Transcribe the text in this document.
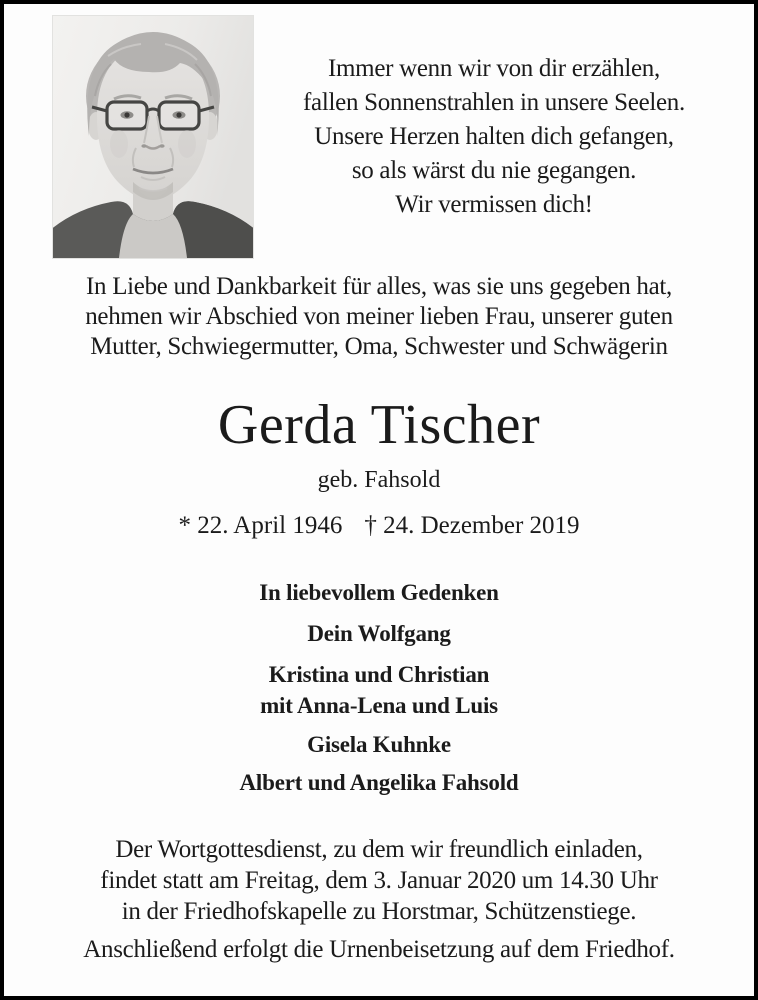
Immer wenn wir von dir erzählen,
fallen Sonnenstrahlen in unsere Seelen.
Unsere Herzen halten dich gefangen,
so als wärst du nie gegangen.
Wir vermissen dich!
In Liebe und Dankbarkeit für alles, was sie uns gegeben hat,
nehmen wir Abschied von meiner lieben Frau, unserer guten
Mutter, Schwiegermutter, Oma, Schwester und Schwägerin
Gerda Tischer
geb. Fahsold
* 22. April 1946 † 24. Dezember 2019
In liebevollem Gedenken
Dein Wolfgang
Kristina und Christian
mit Anna-Lena und Luis
Gisela Kuhnke
Albert und Angelika Fahsold
Der Wortgottesdienst, zu dem wir freundlich einladen,
findet statt am Freitag, dem 3. Januar 2020 um 14.30 Uhr
in der Friedhofskapelle zu Horstmar, Schützenstiege.
Anschließend erfolgt die Urnenbeisetzung auf dem Friedhof.
